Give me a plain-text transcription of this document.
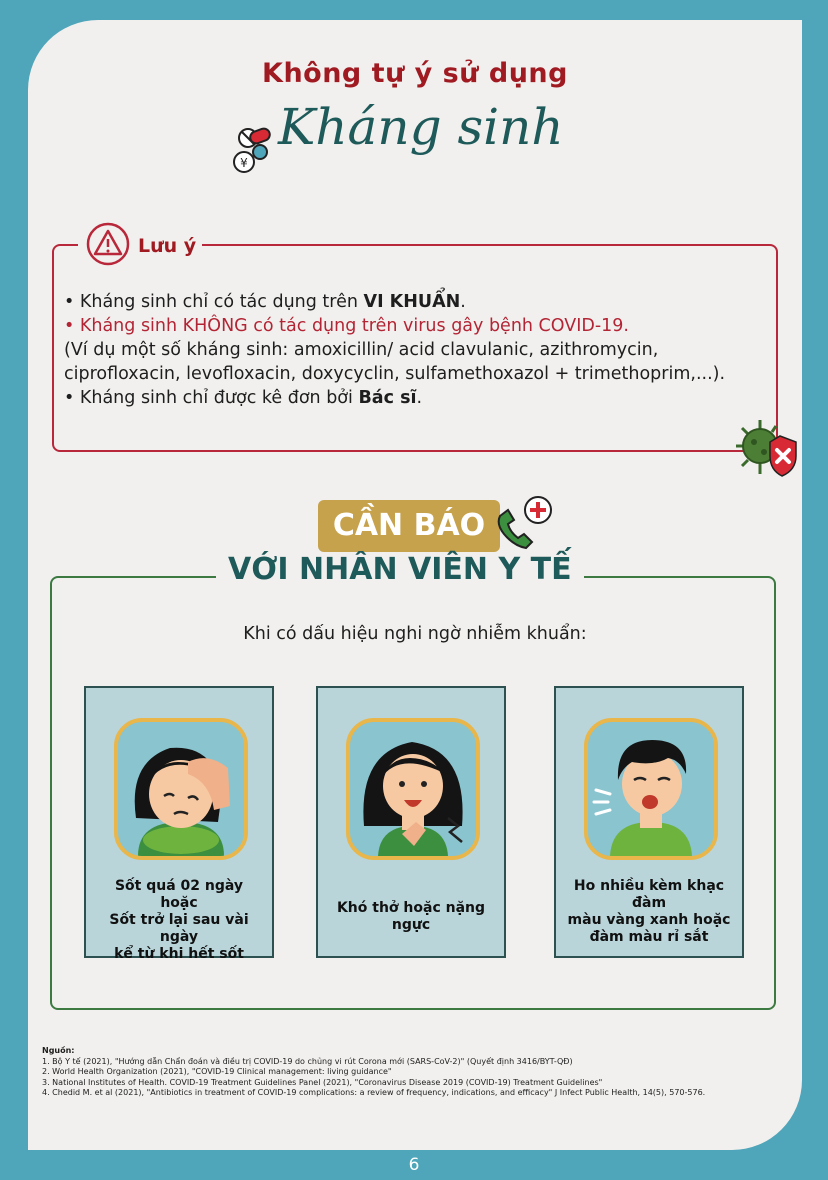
Không tự ý sử dụng
¥
Kháng sinh
Lưu ý
• Kháng sinh chỉ có tác dụng trên VI KHUẨN.
• Kháng sinh KHÔNG có tác dụng trên virus gây bệnh COVID-19.
(Ví dụ một số kháng sinh: amoxicillin/ acid clavulanic, azithromycin,
ciprofloxacin, levofloxacin, doxycyclin, sulfamethoxazol + trimethoprim,...).
• Kháng sinh chỉ được kê đơn bởi Bác sĩ.
CẦN BÁO
VỚI NHÂN VIÊN Y TẾ
Khi có dấu hiệu nghi ngờ nhiễm khuẩn:
Sốt quá 02 ngày
hoặc
Sốt trở lại sau vài ngày
kể từ khi hết sốt
Khó thở hoặc nặng ngực
Ho nhiều kèm khạc đàm
màu vàng xanh hoặc
đàm màu rỉ sắt
Nguồn:
1. Bộ Y tế (2021), "Hướng dẫn Chẩn đoán và điều trị COVID-19 do chủng vi rút Corona mới (SARS-CoV-2)" (Quyết định 3416/BYT-QĐ)
2. World Health Organization (2021), "COVID-19 Clinical management: living guidance"
3. National Institutes of Health. COVID-19 Treatment Guidelines Panel (2021), "Coronavirus Disease 2019 (COVID-19) Treatment Guidelines"
4. Chedid M. et al (2021), "Antibiotics in treatment of COVID-19 complications: a review of frequency, indications, and efficacy" J Infect Public Health, 14(5), 570-576.
6
